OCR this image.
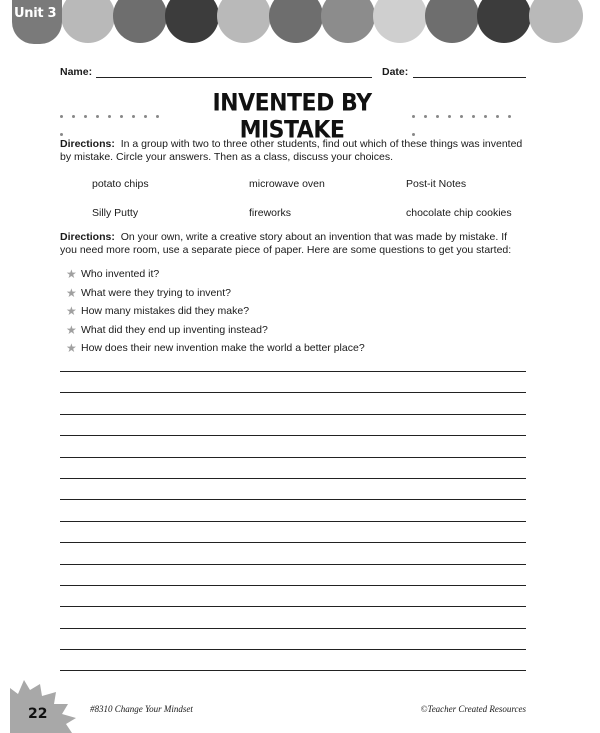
Unit 3
Name:	Date:
INVENTED BY MISTAKE
Directions: In a group with two to three other students, find out which of these things was invented by mistake. Circle your answers. Then as a class, discuss your choices.
potato chips	microwave oven	Post-it Notes
Silly Putty	fireworks	chocolate chip cookies
Directions: On your own, write a creative story about an invention that was made by mistake. If you need more room, use a separate piece of paper. Here are some questions to get you started:
★ Who invented it?
★ What were they trying to invent?
★ How many mistakes did they make?
★ What did they end up inventing instead?
★ How does their new invention make the world a better place?
22	#8310 Change Your Mindset	©Teacher Created Resources
